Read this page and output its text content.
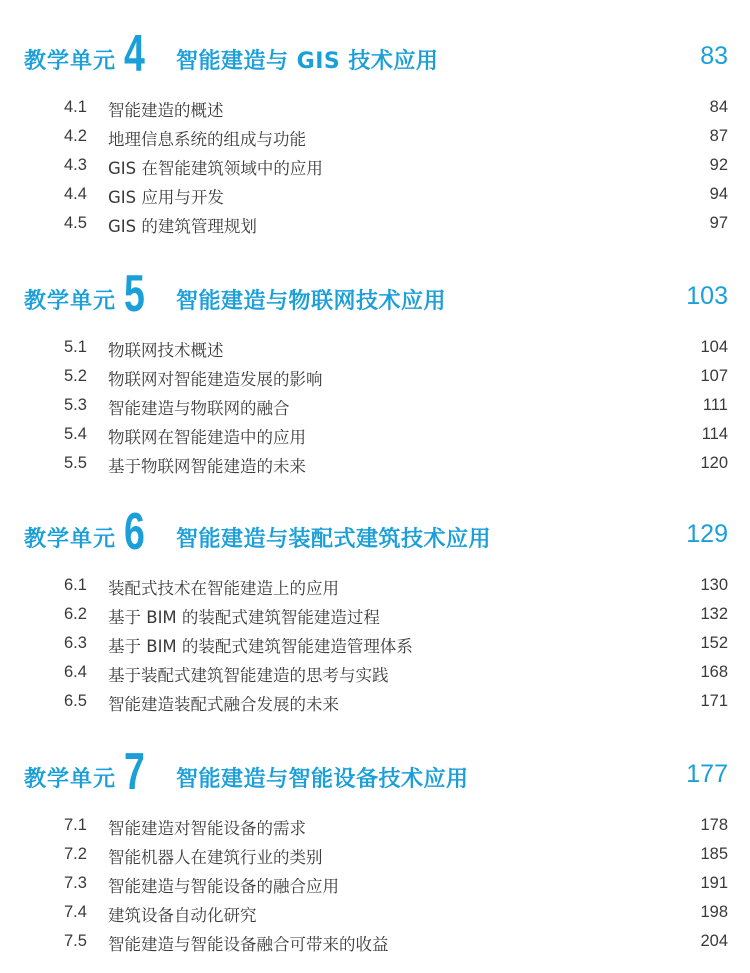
教学单元 4 智能建造与 GIS 技术应用	83
4.1 智能建造的概述	84
4.2 地理信息系统的组成与功能	87
4.3 GIS 在智能建筑领域中的应用	92
4.4 GIS 应用与开发	94
4.5 GIS 的建筑管理规划	97
教学单元 5 智能建造与物联网技术应用	103
5.1 物联网技术概述	104
5.2 物联网对智能建造发展的影响	107
5.3 智能建造与物联网的融合	111
5.4 物联网在智能建造中的应用	114
5.5 基于物联网智能建造的未来	120
教学单元 6 智能建造与装配式建筑技术应用	129
6.1 装配式技术在智能建造上的应用	130
6.2 基于 BIM 的装配式建筑智能建造过程	132
6.3 基于 BIM 的装配式建筑智能建造管理体系	152
6.4 基于装配式建筑智能建造的思考与实践	168
6.5 智能建造装配式融合发展的未来	171
教学单元 7 智能建造与智能设备技术应用	177
7.1 智能建造对智能设备的需求	178
7.2 智能机器人在建筑行业的类别	185
7.3 智能建造与智能设备的融合应用	191
7.4 建筑设备自动化研究	198
7.5 智能建造与智能设备融合可带来的收益	204
